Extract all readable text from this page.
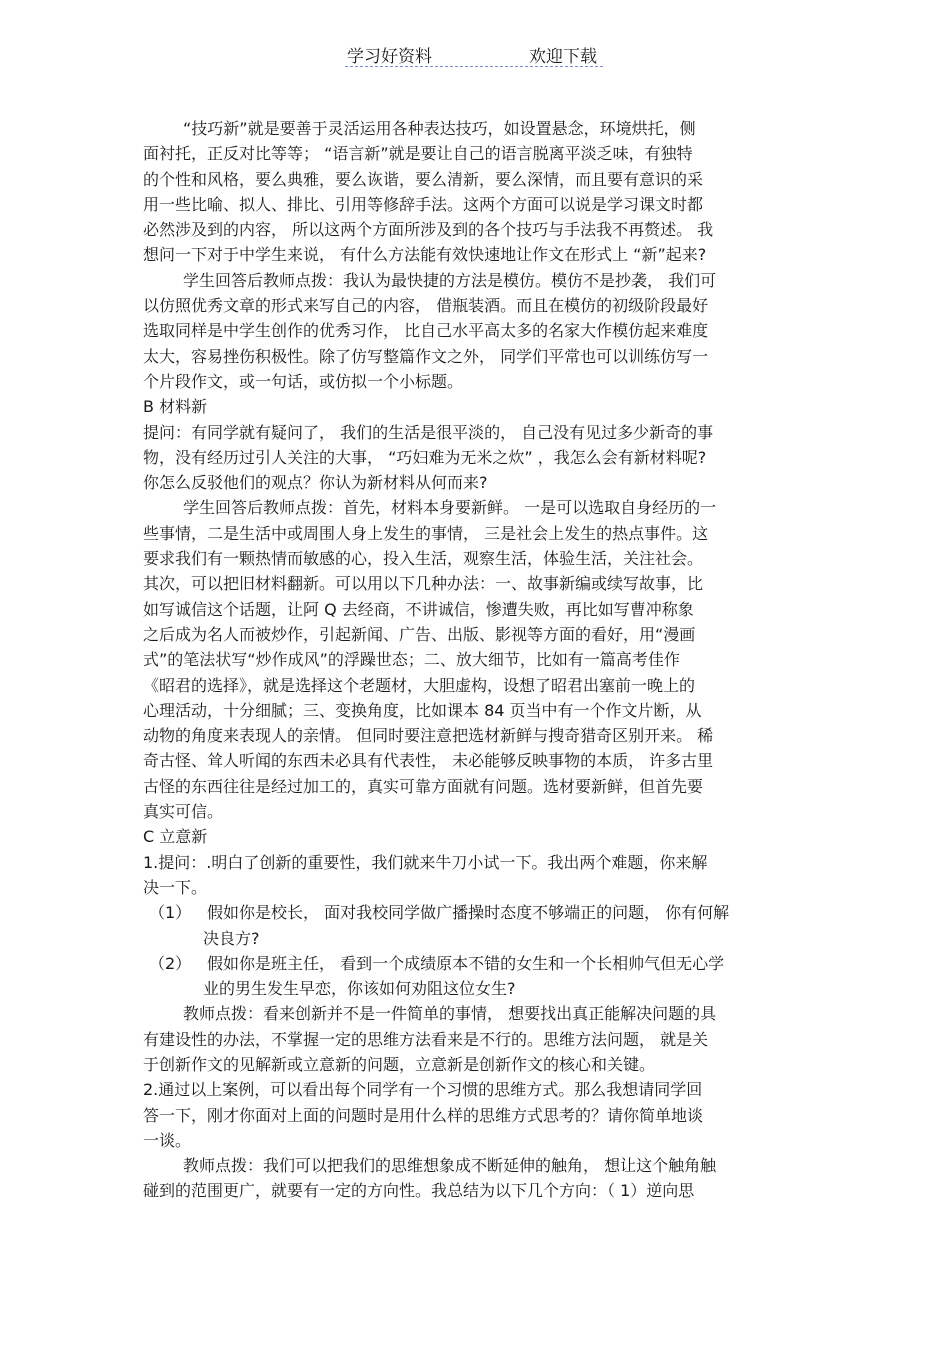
学习好资料	欢迎下载
“技巧新”就是要善于灵活运用各种表达技巧，如设置悬念，环境烘托，侧
面衬托，正反对比等等； “语言新”就是要让自己的语言脱离平淡乏味，有独特
的个性和风格，要么典雅，要么诙谐，要么清新，要么深情，而且要有意识的采
用一些比喻、拟人、排比、引用等修辞手法。这两个方面可以说是学习课文时都
必然涉及到的内容， 所以这两个方面所涉及到的各个技巧与手法我不再赘述。 我
想问一下对于中学生来说， 有什么方法能有效快速地让作文在形式上 “新”起来?
学生回答后教师点拨：我认为最快捷的方法是模仿。模仿不是抄袭， 我们可
以仿照优秀文章的形式来写自己的内容， 借瓶装酒。而且在模仿的初级阶段最好
选取同样是中学生创作的优秀习作， 比自己水平高太多的名家大作模仿起来难度
太大，容易挫伤积极性。除了仿写整篇作文之外， 同学们平常也可以训练仿写一
个片段作文，或一句话，或仿拟一个小标题。
B 材料新
提问：有同学就有疑问了， 我们的生活是很平淡的， 自己没有见过多少新奇的事
物，没有经历过引人关注的大事， “巧妇难为无米之炊” ，我怎么会有新材料呢?
你怎么反驳他们的观点？你认为新材料从何而来?
学生回答后教师点拨：首先，材料本身要新鲜。 一是可以选取自身经历的一
些事情，二是生活中或周围人身上发生的事情， 三是社会上发生的热点事件。这
要求我们有一颗热情而敏感的心，投入生活，观察生活，体验生活，关注社会。
其次，可以把旧材料翻新。可以用以下几种办法：一、故事新编或续写故事，比
如写诚信这个话题，让阿 Q 去经商，不讲诚信，惨遭失败，再比如写曹冲称象
之后成为名人而被炒作，引起新闻、广告、出版、影视等方面的看好，用“漫画
式”的笔法状写“炒作成风”的浮躁世态；二、放大细节，比如有一篇高考佳作
《昭君的选择》，就是选择这个老题材，大胆虚构，设想了昭君出塞前一晚上的
心理活动，十分细腻；三、变换角度，比如课本 84 页当中有一个作文片断，从
动物的角度来表现人的亲情。 但同时要注意把选材新鲜与搜奇猎奇区别开来。 稀
奇古怪、耸人听闻的东西未必具有代表性， 未必能够反映事物的本质， 许多古里
古怪的东西往往是经过加工的，真实可靠方面就有问题。选材要新鲜，但首先要
真实可信。
C 立意新
1.提问：.明白了创新的重要性，我们就来牛刀小试一下。我出两个难题，你来解
决一下。
（1） 假如你是校长， 面对我校同学做广播操时态度不够端正的问题， 你有何解
决良方?
（2） 假如你是班主任， 看到一个成绩原本不错的女生和一个长相帅气但无心学
业的男生发生早恋，你该如何劝阻这位女生?
教师点拨：看来创新并不是一件简单的事情， 想要找出真正能解决问题的具
有建设性的办法，不掌握一定的思维方法看来是不行的。思维方法问题， 就是关
于创新作文的见解新或立意新的问题，立意新是创新作文的核心和关键。
2.通过以上案例，可以看出每个同学有一个习惯的思维方式。那么我想请同学回
答一下，刚才你面对上面的问题时是用什么样的思维方式思考的？请你简单地谈
一谈。
教师点拨：我们可以把我们的思维想象成不断延伸的触角， 想让这个触角触
碰到的范围更广，就要有一定的方向性。我总结为以下几个方向：（ 1）逆向思
